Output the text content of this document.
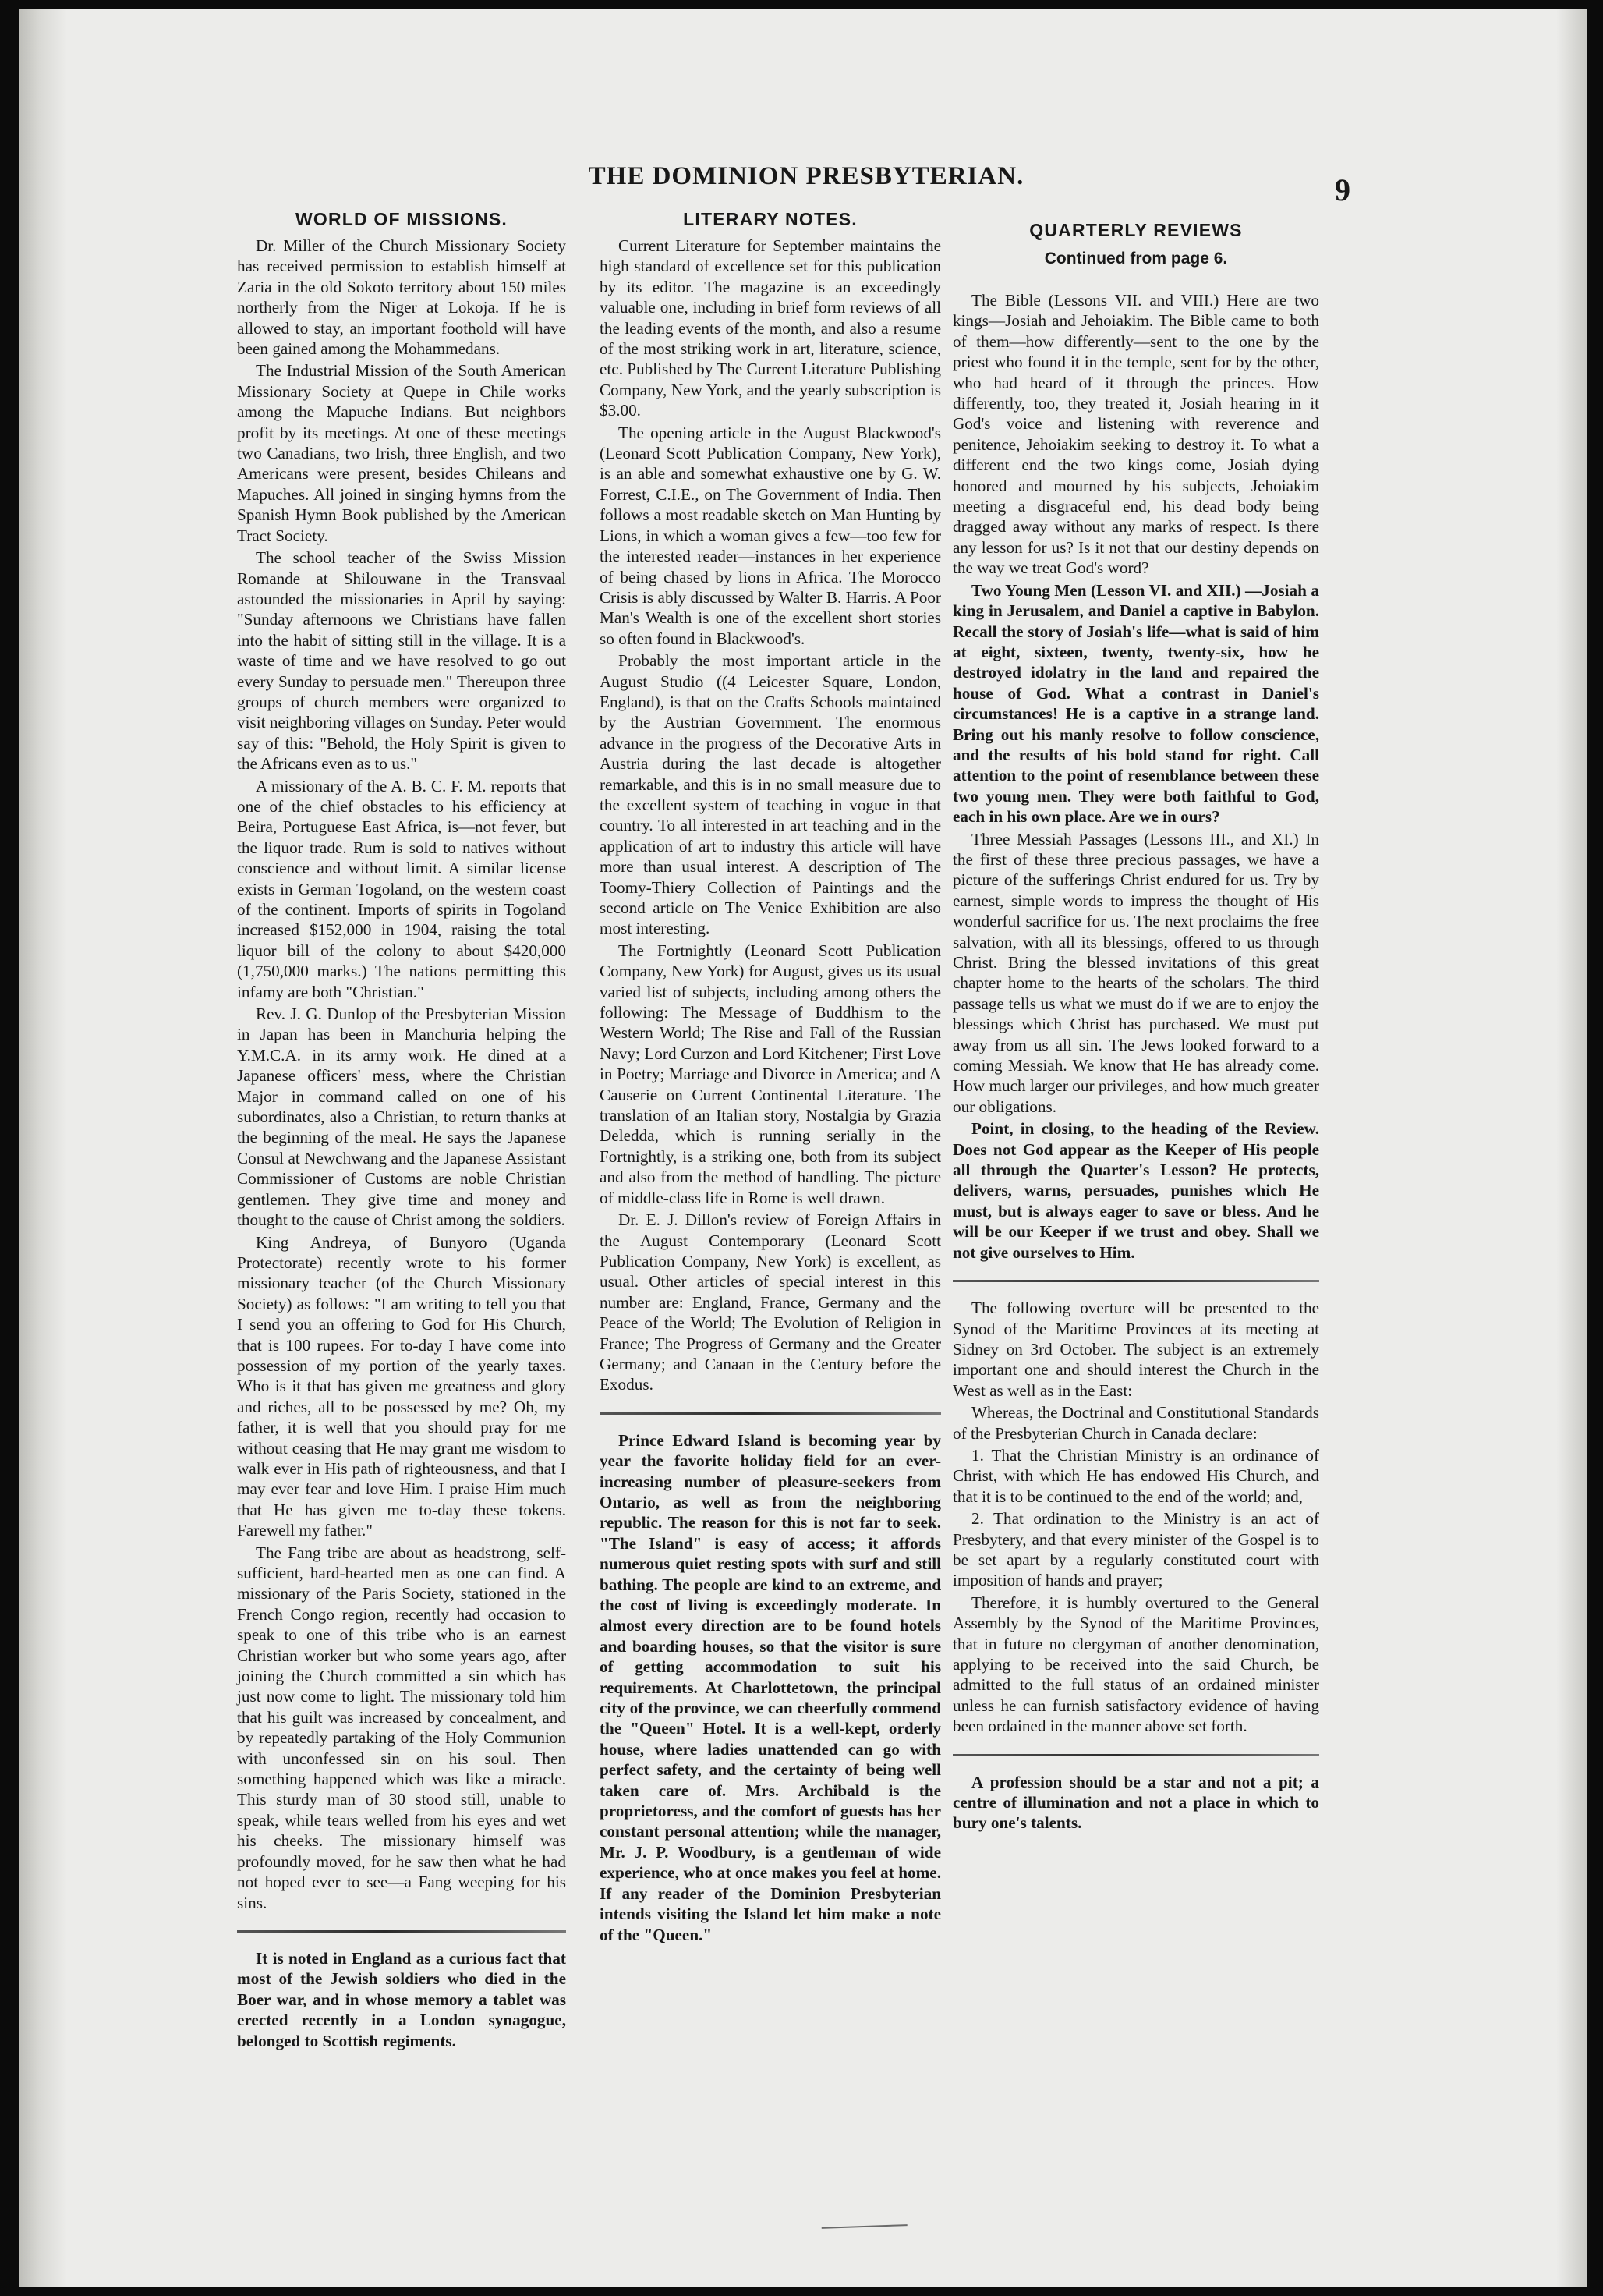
THE DOMINION PRESBYTERIAN.	9
WORLD OF MISSIONS.

Dr. Miller of the Church Missionary Society has received permission to establish himself at Zaria in the old Sokoto territory about 150 miles northerly from the Niger at Lokoja. If he is allowed to stay, an important foothold will have been gained among the Mohammedans.

The Industrial Mission of the South American Missionary Society at Quepe in Chile works among the Mapuche Indians. But neighbors profit by its meetings. At one of these meetings two Canadians, two Irish, three English, and two Americans were present, besides Chileans and Mapuches. All joined in singing hymns from the Spanish Hymn Book published by the American Tract Society.

The school teacher of the Swiss Mission Romande at Shilouwane in the Transvaal astounded the missionaries in April by saying: "Sunday afternoons we Christians have fallen into the habit of sitting still in the village. It is a waste of time and we have resolved to go out every Sunday to persuade men." Thereupon three groups of church members were organized to visit neighboring villages on Sunday. Peter would say of this: "Behold, the Holy Spirit is given to the Africans even as to us."

A missionary of the A. B. C. F. M. reports that one of the chief obstacles to his efficiency at Beira, Portuguese East Africa, is—not fever, but the liquor trade. Rum is sold to natives without conscience and without limit. A similar license exists in German Togoland, on the western coast of the continent. Imports of spirits in Togoland increased $152,000 in 1904, raising the total liquor bill of the colony to about $420,000 (1,750,000 marks.) The nations permitting this infamy are both "Christian."

Rev. J. G. Dunlop of the Presbyterian Mission in Japan has been in Manchuria helping the Y.M.C.A. in its army work. He dined at a Japanese officers' mess, where the Christian Major in command called on one of his subordinates, also a Christian, to return thanks at the beginning of the meal. He says the Japanese Consul at Newchwang and the Japanese Assistant Commissioner of Customs are noble Christian gentlemen. They give time and money and thought to the cause of Christ among the soldiers.

King Andreya, of Bunyoro (Uganda Protectorate) recently wrote to his former missionary teacher (of the Church Missionary Society) as follows: "I am writing to tell you that I send you an offering to God for His Church, that is 100 rupees. For to-day I have come into possession of my portion of the yearly taxes. Who is it that has given me greatness and glory and riches, all to be possessed by me? Oh, my father, it is well that you should pray for me without ceasing that He may grant me wisdom to walk ever in His path of righteousness, and that I may ever fear and love Him. I praise Him much that He has given me to-day these tokens. Farewell my father."

The Fang tribe are about as headstrong, self-sufficient, hard-hearted men as one can find. A missionary of the Paris Society, stationed in the French Congo region, recently had occasion to speak to one of this tribe who is an earnest Christian worker but who some years ago, after joining the Church committed a sin which has just now come to light. The missionary told him that his guilt was increased by concealment, and by repeatedly partaking of the Holy Communion with unconfessed sin on his soul. Then something happened which was like a miracle. This sturdy man of 30 stood still, unable to speak, while tears welled from his eyes and wet his cheeks. The missionary himself was profoundly moved, for he saw then what he had not hoped ever to see—a Fang weeping for his sins.

It is noted in England as a curious fact that most of the Jewish soldiers who died in the Boer war, and in whose memory a tablet was erected recently in a London synagogue, belonged to Scottish regiments.

LITERARY NOTES.

Current Literature for September maintains the high standard of excellence set for this publication by its editor. The magazine is an exceedingly valuable one, including in brief form reviews of all the leading events of the month, and also a resume of the most striking work in art, literature, science, etc. Published by The Current Literature Publishing Company, New York, and the yearly subscription is $3.00.

The opening article in the August Blackwood's (Leonard Scott Publication Company, New York), is an able and somewhat exhaustive one by G. W. Forrest, C.I.E., on The Government of India. Then follows a most readable sketch on Man Hunting by Lions, in which a woman gives a few—too few for the interested reader—instances in her experience of being chased by lions in Africa. The Morocco Crisis is ably discussed by Walter B. Harris. A Poor Man's Wealth is one of the excellent short stories so often found in Blackwood's.

Probably the most important article in the August Studio ((4 Leicester Square, London, England), is that on the Crafts Schools maintained by the Austrian Government. The enormous advance in the progress of the Decorative Arts in Austria during the last decade is altogether remarkable, and this is in no small measure due to the excellent system of teaching in vogue in that country. To all interested in art teaching and in the application of art to industry this article will have more than usual interest. A description of The Toomy-Thiery Collection of Paintings and the second article on The Venice Exhibition are also most interesting.

The Fortnightly (Leonard Scott Publication Company, New York) for August, gives us its usual varied list of subjects, including among others the following: The Message of Buddhism to the Western World; The Rise and Fall of the Russian Navy; Lord Curzon and Lord Kitchener; First Love in Poetry; Marriage and Divorce in America; and A Causerie on Current Continental Literature. The translation of an Italian story, Nostalgia by Grazia Deledda, which is running serially in the Fortnightly, is a striking one, both from its subject and also from the method of handling. The picture of middle-class life in Rome is well drawn.

Dr. E. J. Dillon's review of Foreign Affairs in the August Contemporary (Leonard Scott Publication Company, New York) is excellent, as usual. Other articles of special interest in this number are: England, France, Germany and the Peace of the World; The Evolution of Religion in France; The Progress of Germany and the Greater Germany; and Canaan in the Century before the Exodus.

Prince Edward Island is becoming year by year the favorite holiday field for an ever-increasing number of pleasure-seekers from Ontario, as well as from the neighboring republic. The reason for this is not far to seek. "The Island" is easy of access; it affords numerous quiet resting spots with surf and still bathing. The people are kind to an extreme, and the cost of living is exceedingly moderate. In almost every direction are to be found hotels and boarding houses, so that the visitor is sure of getting accommodation to suit his requirements. At Charlottetown, the principal city of the province, we can cheerfully commend the "Queen" Hotel. It is a well-kept, orderly house, where ladies unattended can go with perfect safety, and the certainty of being well taken care of. Mrs. Archibald is the proprietoress, and the comfort of guests has her constant personal attention; while the manager, Mr. J. P. Woodbury, is a gentleman of wide experience, who at once makes you feel at home. If any reader of the Dominion Presbyterian intends visiting the Island let him make a note of the "Queen."

QUARTERLY REVIEWS
Continued from page 6.

The Bible (Lessons VII. and VIII.) Here are two kings—Josiah and Jehoiakim. The Bible came to both of them—how differently—sent to the one by the priest who found it in the temple, sent for by the other, who had heard of it through the princes. How differently, too, they treated it, Josiah hearing in it God's voice and listening with reverence and penitence, Jehoiakim seeking to destroy it. To what a different end the two kings come, Josiah dying honored and mourned by his subjects, Jehoiakim meeting a disgraceful end, his dead body being dragged away without any marks of respect. Is there any lesson for us? Is it not that our destiny depends on the way we treat God's word?

Two Young Men (Lesson VI. and XII.) —Josiah a king in Jerusalem, and Daniel a captive in Babylon. Recall the story of Josiah's life—what is said of him at eight, sixteen, twenty, twenty-six, how he destroyed idolatry in the land and repaired the house of God. What a contrast in Daniel's circumstances! He is a captive in a strange land. Bring out his manly resolve to follow conscience, and the results of his bold stand for right. Call attention to the point of resemblance between these two young men. They were both faithful to God, each in his own place. Are we in ours?

Three Messiah Passages (Lessons III., and XI.) In the first of these three precious passages, we have a picture of the sufferings Christ endured for us. Try by earnest, simple words to impress the thought of His wonderful sacrifice for us. The next proclaims the free salvation, with all its blessings, offered to us through Christ. Bring the blessed invitations of this great chapter home to the hearts of the scholars. The third passage tells us what we must do if we are to enjoy the blessings which Christ has purchased. We must put away from us all sin. The Jews looked forward to a coming Messiah. We know that He has already come. How much larger our privileges, and how much greater our obligations.

Point, in closing, to the heading of the Review. Does not God appear as the Keeper of His people all through the Quarter's Lesson? He protects, delivers, warns, persuades, punishes which He must, but is always eager to save or bless. And he will be our Keeper if we trust and obey. Shall we not give ourselves to Him.

The following overture will be presented to the Synod of the Maritime Provinces at its meeting at Sidney on 3rd October. The subject is an extremely important one and should interest the Church in the West as well as in the East:

Whereas, the Doctrinal and Constitutional Standards of the Presbyterian Church in Canada declare:

1. That the Christian Ministry is an ordinance of Christ, with which He has endowed His Church, and that it is to be continued to the end of the world; and,

2. That ordination to the Ministry is an act of Presbytery, and that every minister of the Gospel is to be set apart by a regularly constituted court with imposition of hands and prayer;

Therefore, it is humbly overtured to the General Assembly by the Synod of the Maritime Provinces, that in future no clergyman of another denomination, applying to be received into the said Church, be admitted to the full status of an ordained minister unless he can furnish satisfactory evidence of having been ordained in the manner above set forth.

A profession should be a star and not a pit; a centre of illumination and not a place in which to bury one's talents.
